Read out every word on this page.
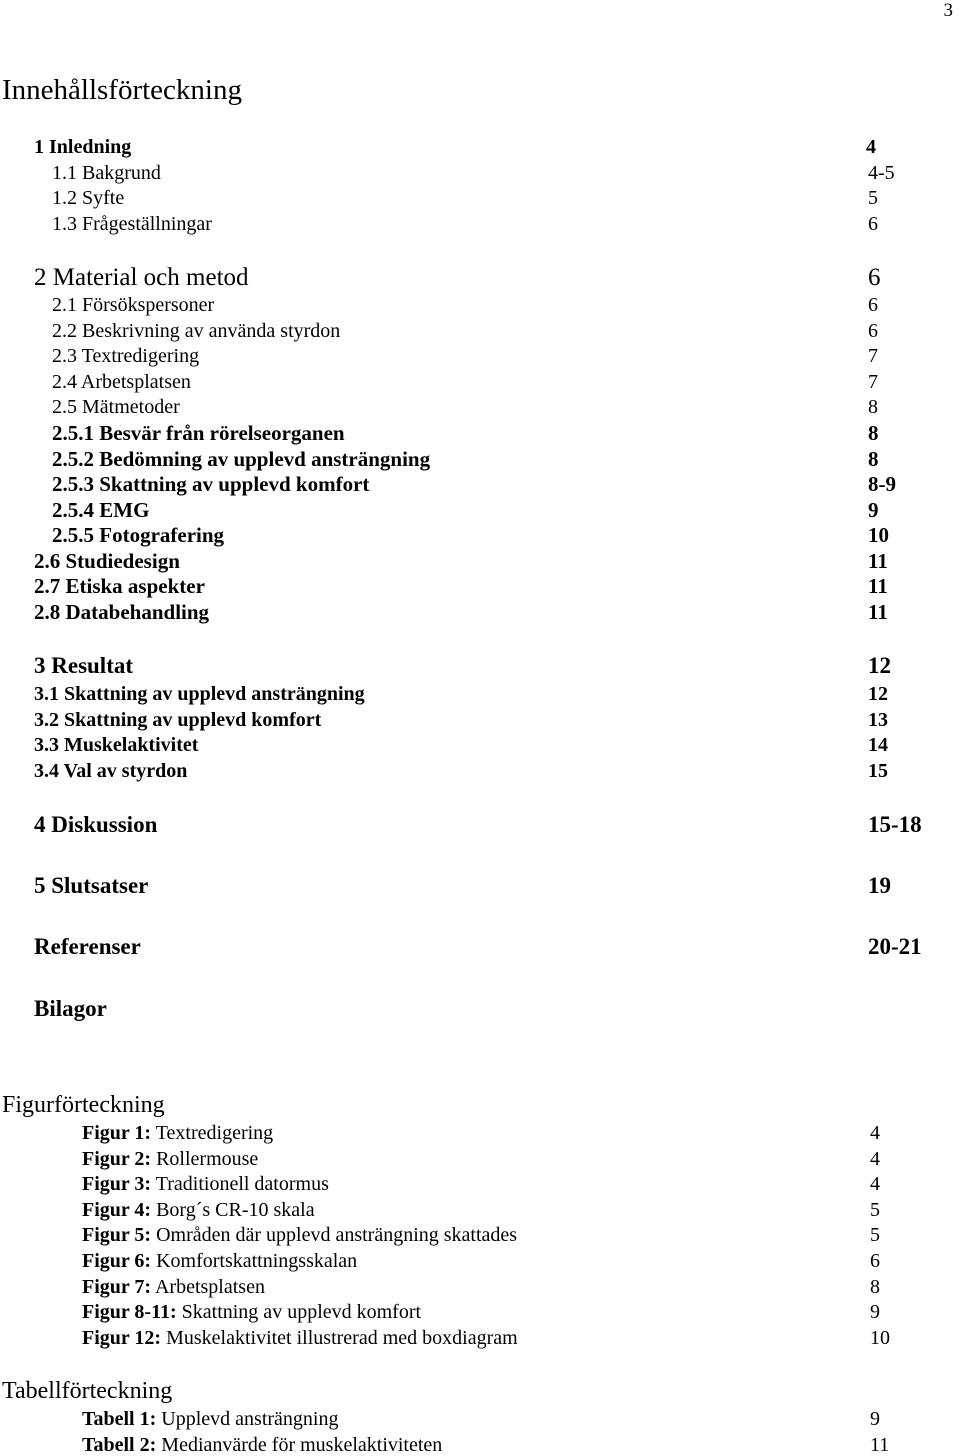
3
Innehållsförteckning
1 Inledning	4
1.1 Bakgrund	4-5
1.2 Syfte	5
1.3 Frågeställningar	6
2 Material och metod	6
2.1 Försökspersoner	6
2.2 Beskrivning av använda styrdon	6
2.3 Textredigering	7
2.4 Arbetsplatsen	7
2.5 Mätmetoder	8
2.5.1 Besvär från rörelseorganen	8
2.5.2 Bedömning av upplevd ansträngning	8
2.5.3 Skattning av upplevd komfort	8-9
2.5.4 EMG	9
2.5.5 Fotografering	10
2.6 Studiedesign	11
2.7 Etiska aspekter	11
2.8 Databehandling	11
3 Resultat	12
3.1 Skattning av upplevd ansträngning	12
3.2 Skattning av upplevd komfort	13
3.3 Muskelaktivitet	14
3.4 Val av styrdon	15
4 Diskussion	15-18
5 Slutsatser	19
Referenser	20-21
Bilagor
Figurförteckning
Figur 1: Textredigering	4
Figur 2: Rollermouse	4
Figur 3: Traditionell datormus	4
Figur 4: Borg´s CR-10 skala	5
Figur 5: Områden där upplevd ansträngning skattades	5
Figur 6: Komfortskattningsskalan	6
Figur 7: Arbetsplatsen	8
Figur 8-11: Skattning av upplevd komfort	9
Figur 12: Muskelaktivitet illustrerad med boxdiagram	10
Tabellförteckning
Tabell 1: Upplevd ansträngning	9
Tabell 2: Medianvärde för muskelaktiviteten	11
